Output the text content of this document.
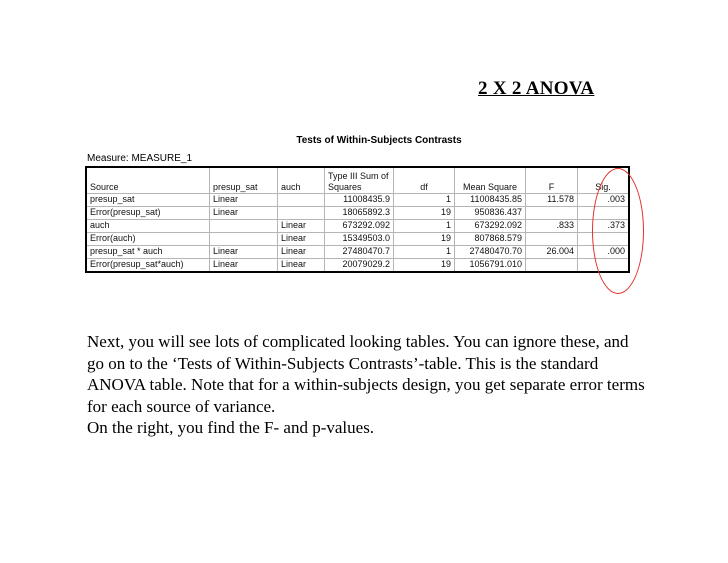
2 X 2 ANOVA
Tests of Within-Subjects Contrasts
Measure: MEASURE_1
Source	presup_sat	auch	Type III Sum of Squares	df	Mean Square	F	Sig.
presup_sat	Linear		11008435.9	1	11008435.85	11.578	.003
Error(presup_sat)	Linear		18065892.3	19	950836.437		
auch		Linear	673292.092	1	673292.092	.833	.373
Error(auch)		Linear	15349503.0	19	807868.579		
presup_sat * auch	Linear	Linear	27480470.7	1	27480470.70	26.004	.000
Error(presup_sat*auch)	Linear	Linear	20079029.2	19	1056791.010		

Next, you will see lots of complicated looking tables. You can ignore these, and go on to the ‘Tests of Within-Subjects Contrasts’-table. This is the standard ANOVA table. Note that for a within-subjects design, you get separate error terms for each source of variance.

On the right, you find the F- and p-values.
